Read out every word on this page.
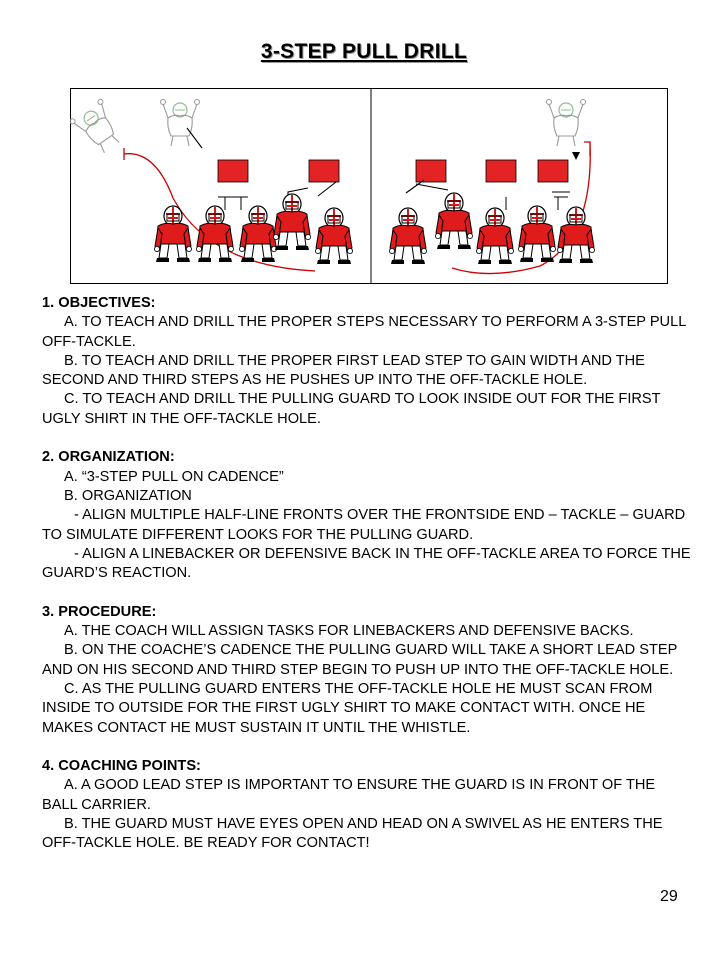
3-STEP PULL DRILL
1. OBJECTIVES:
A. TO TEACH AND DRILL THE PROPER STEPS NECESSARY TO PERFORM A 3-STEP PULL OFF-TACKLE.
B. TO TEACH AND DRILL THE PROPER FIRST LEAD STEP TO GAIN WIDTH AND THE SECOND AND THIRD STEPS AS HE PUSHES UP INTO THE OFF-TACKLE HOLE.
C. TO TEACH AND DRILL THE PULLING GUARD TO LOOK INSIDE OUT FOR THE FIRST UGLY SHIRT IN THE OFF-TACKLE HOLE.
2. ORGANIZATION:
A. “3-STEP PULL ON CADENCE”
B. ORGANIZATION
- ALIGN MULTIPLE HALF-LINE FRONTS OVER THE FRONTSIDE END – TACKLE – GUARD TO SIMULATE DIFFERENT LOOKS FOR THE PULLING GUARD.
- ALIGN A LINEBACKER OR DEFENSIVE BACK IN THE OFF-TACKLE AREA TO FORCE THE GUARD’S REACTION.
3. PROCEDURE:
A. THE COACH WILL ASSIGN TASKS FOR LINEBACKERS AND DEFENSIVE BACKS.
B. ON THE COACHE’S CADENCE THE PULLING GUARD WILL TAKE A SHORT LEAD STEP AND ON HIS SECOND AND THIRD STEP BEGIN TO PUSH UP INTO THE OFF-TACKLE HOLE.
C. AS THE PULLING GUARD ENTERS THE OFF-TACKLE HOLE HE MUST SCAN FROM INSIDE TO OUTSIDE FOR THE FIRST UGLY SHIRT TO MAKE CONTACT WITH. ONCE HE MAKES CONTACT HE MUST SUSTAIN IT UNTIL THE WHISTLE.
4. COACHING POINTS:
A. A GOOD LEAD STEP IS IMPORTANT TO ENSURE THE GUARD IS IN FRONT OF THE BALL CARRIER.
B. THE GUARD MUST HAVE EYES OPEN AND HEAD ON A SWIVEL AS HE ENTERS THE OFF-TACKLE HOLE. BE READY FOR CONTACT!
29
